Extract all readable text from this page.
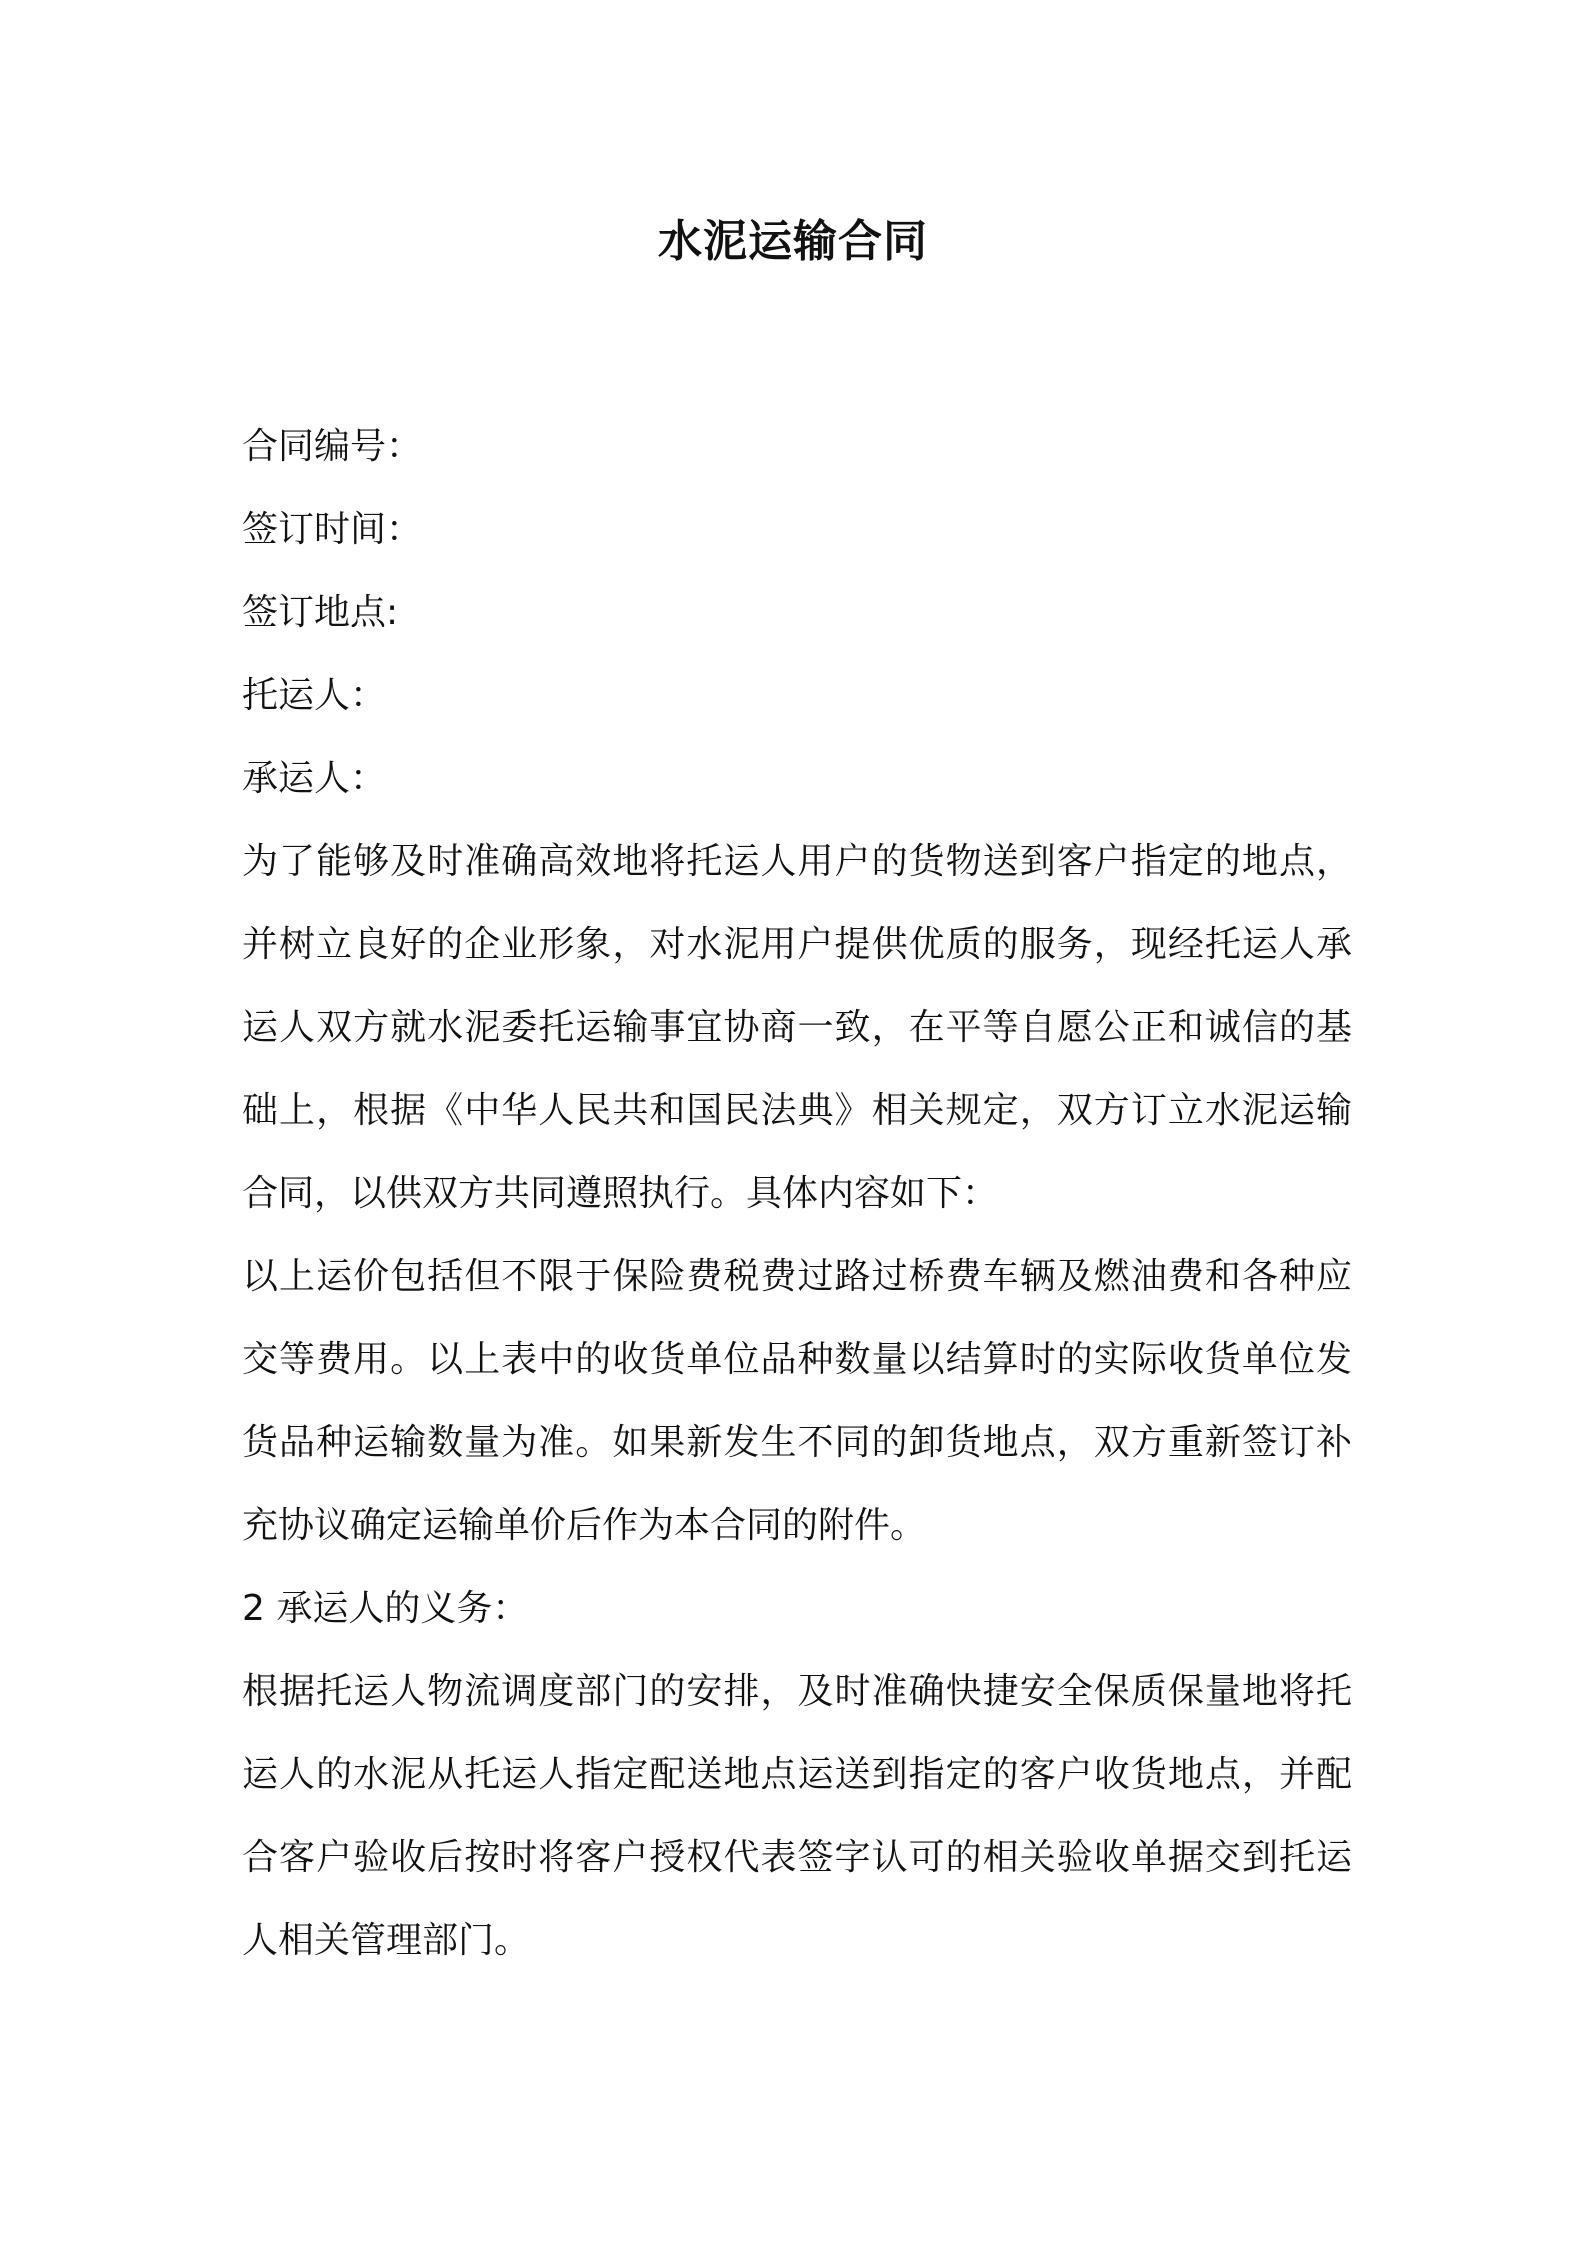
水泥运输合同
合同编号：
签订时间：
签订地点:
托运人：
承运人：
为了能够及时准确高效地将托运人用户的货物送到客户指定的地点，并树立良好的企业形象，对水泥用户提供优质的服务，现经托运人承运人双方就水泥委托运输事宜协商一致，在平等自愿公正和诚信的基础上，根据《中华人民共和国民法典》相关规定，双方订立水泥运输合同，以供双方共同遵照执行。具体内容如下：
以上运价包括但不限于保险费税费过路过桥费车辆及燃油费和各种应交等费用。以上表中的收货单位品种数量以结算时的实际收货单位发货品种运输数量为准。如果新发生不同的卸货地点，双方重新签订补充协议确定运输单价后作为本合同的附件。
2 承运人的义务：
根据托运人物流调度部门的安排，及时准确快捷安全保质保量地将托运人的水泥从托运人指定配送地点运送到指定的客户收货地点，并配合客户验收后按时将客户授权代表签字认可的相关验收单据交到托运人相关管理部门。
